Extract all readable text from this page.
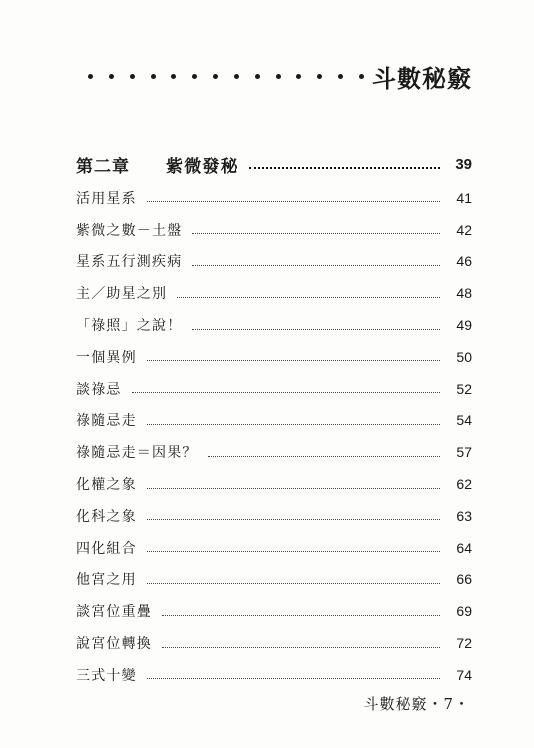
斗數秘竅
第二章 紫微發秘	39
活用星系	41
紫微之數－土盤	42
星系五行測疾病	46
主／助星之別	48
「祿照」之說！	49
一個異例	50
談祿忌	52
祿隨忌走	54
祿隨忌走＝因果？	57
化權之象	62
化科之象	63
四化組合	64
他宮之用	66
談宮位重疊	69
說宮位轉換	72
三式十變	74
斗數秘竅・7・
